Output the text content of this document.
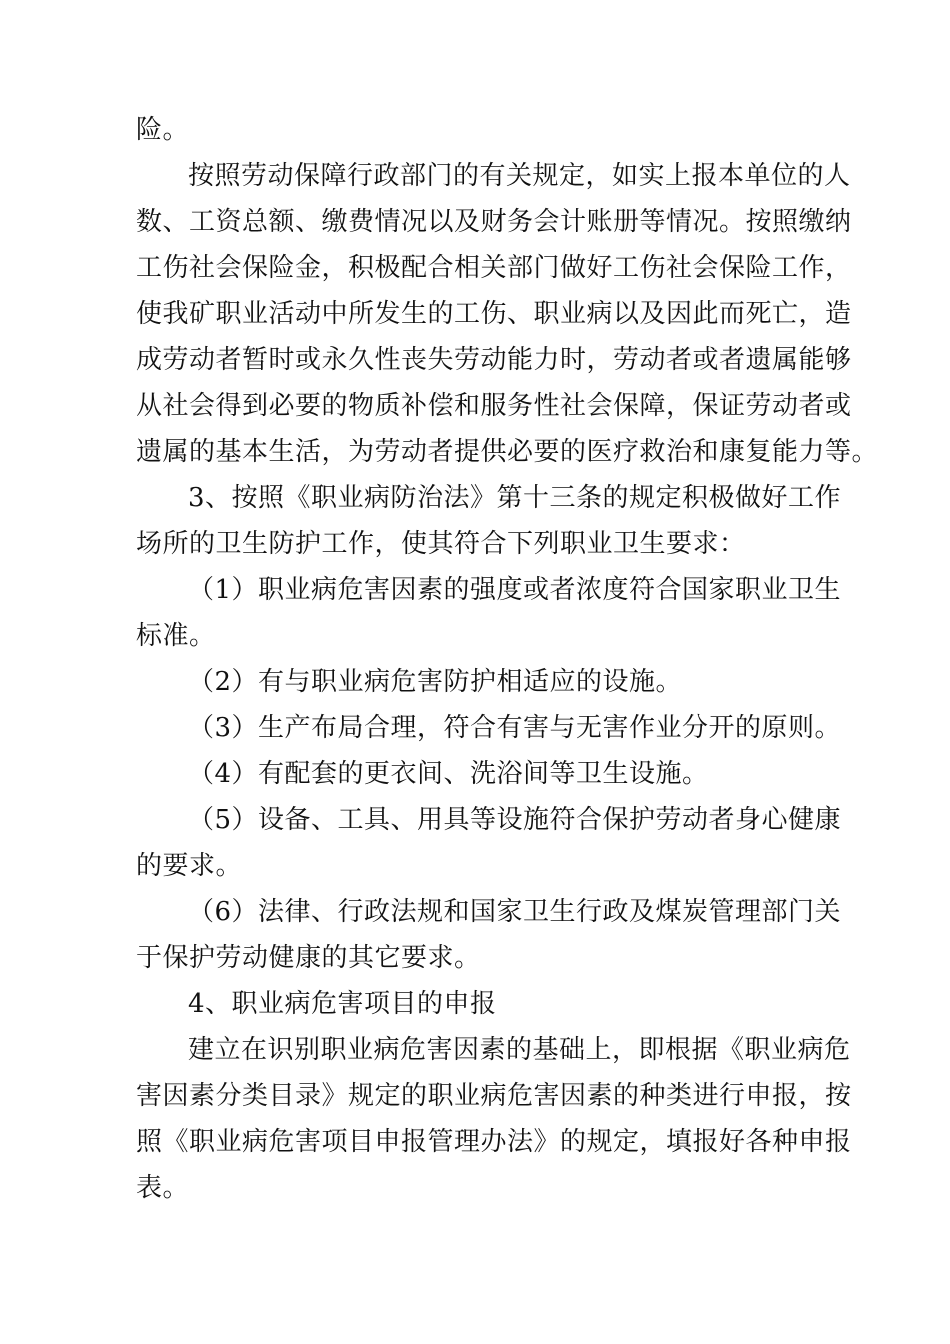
险。
按照劳动保障行政部门的有关规定，如实上报本单位的人
数、工资总额、缴费情况以及财务会计账册等情况。按照缴纳
工伤社会保险金，积极配合相关部门做好工伤社会保险工作，
使我矿职业活动中所发生的工伤、职业病以及因此而死亡，造
成劳动者暂时或永久性丧失劳动能力时，劳动者或者遗属能够
从社会得到必要的物质补偿和服务性社会保障，保证劳动者或
遗属的基本生活，为劳动者提供必要的医疗救治和康复能力等。
3、按照《职业病防治法》第十三条的规定积极做好工作
场所的卫生防护工作，使其符合下列职业卫生要求：
（1）职业病危害因素的强度或者浓度符合国家职业卫生
标准。
（2）有与职业病危害防护相适应的设施。
（3）生产布局合理，符合有害与无害作业分开的原则。
（4）有配套的更衣间、洗浴间等卫生设施。
（5）设备、工具、用具等设施符合保护劳动者身心健康
的要求。
（6）法律、行政法规和国家卫生行政及煤炭管理部门关
于保护劳动健康的其它要求。
4、职业病危害项目的申报
建立在识别职业病危害因素的基础上，即根据《职业病危
害因素分类目录》规定的职业病危害因素的种类进行申报，按
照《职业病危害项目申报管理办法》的规定，填报好各种申报
表。
